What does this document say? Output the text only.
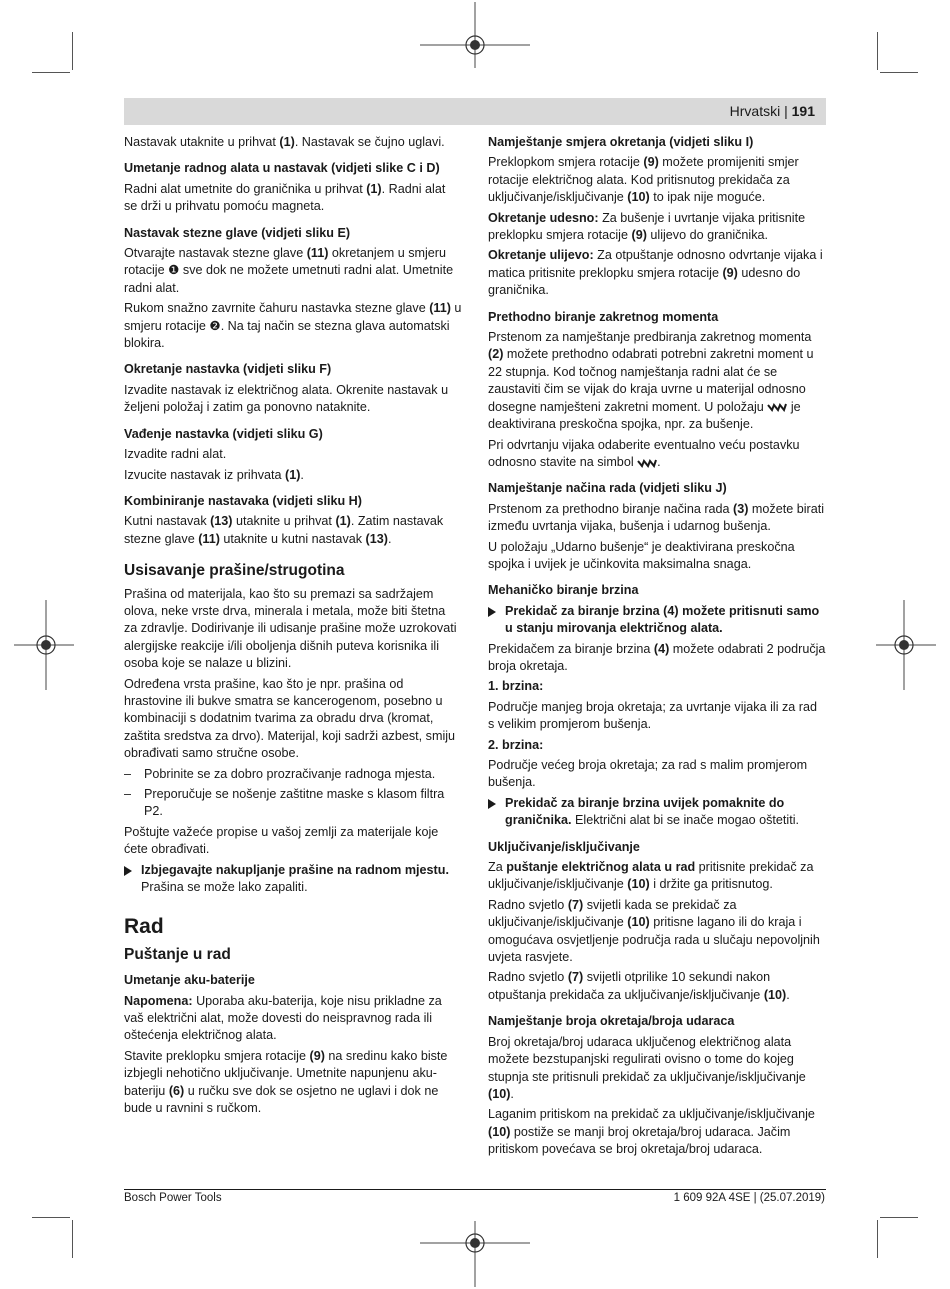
Hrvatski | 191

Nastavak utaknite u prihvat (1). Nastavak se čujno uglavi.

Umetanje radnog alata u nastavak (vidjeti slike C i D)

Radni alat umetnite do graničnika u prihvat (1). Radni alat se drži u prihvatu pomoću magneta.

Nastavak stezne glave (vidjeti sliku E)

Otvarajte nastavak stezne glave (11) okretanjem u smjeru rotacije ❶ sve dok ne možete umetnuti radni alat. Umetnite radni alat.

Rukom snažno zavrnite čahuru nastavka stezne glave (11) u smjeru rotacije ❷. Na taj način se stezna glava automatski blokira.

Okretanje nastavka (vidjeti sliku F)

Izvadite nastavak iz električnog alata. Okrenite nastavak u željeni položaj i zatim ga ponovno nataknite.

Vađenje nastavka (vidjeti sliku G)

Izvadite radni alat.

Izvucite nastavak iz prihvata (1).

Kombiniranje nastavaka (vidjeti sliku H)

Kutni nastavak (13) utaknite u prihvat (1). Zatim nastavak stezne glave (11) utaknite u kutni nastavak (13).

Usisavanje prašine/strugotina

Prašina od materijala, kao što su premazi sa sadržajem olova, neke vrste drva, minerala i metala, može biti štetna za zdravlje. Dodirivanje ili udisanje prašine može uzrokovati alergijske reakcije i/ili oboljenja dišnih puteva korisnika ili osoba koje se nalaze u blizini.

Određena vrsta prašine, kao što je npr. prašina od hrastovine ili bukve smatra se kancerogenom, posebno u kombinaciji s dodatnim tvarima za obradu drva (kromat, zaštita sredstva za drvo). Materijal, koji sadrži azbest, smiju obrađivati samo stručne osobe.

– Pobrinite se za dobro prozračivanje radnoga mjesta.
– Preporučuje se nošenje zaštitne maske s klasom filtra P2.

Poštujte važeće propise u vašoj zemlji za materijale koje ćete obrađivati.

Izbjegavajte nakupljanje prašine na radnom mjestu.
Prašina se može lako zapaliti.
Rad
Puštanje u rad
Umetanje aku-baterije

Napomena: Uporaba aku-baterija, koje nisu prikladne za vaš električni alat, može dovesti do neispravnog rada ili oštećenja električnog alata.

Stavite preklopku smjera rotacije (9) na sredinu kako biste izbjegli nehotično uključivanje. Umetnite napunjenu aku-bateriju (6) u ručku sve dok se osjetno ne uglavi i dok ne bude u ravnini s ručkom.

Namještanje smjera okretanja (vidjeti sliku I)

Preklopkom smjera rotacije (9) možete promijeniti smjer rotacije električnog alata. Kod pritisnutog prekidača za uključivanje/isključivanje (10) to ipak nije moguće.

Okretanje udesno: Za bušenje i uvrtanje vijaka pritisnite preklopku smjera rotacije (9) ulijevo do graničnika.

Okretanje ulijevo: Za otpuštanje odnosno odvrtanje vijaka i matica pritisnite preklopku smjera rotacije (9) udesno do graničnika.

Prethodno biranje zakretnog momenta

Prstenom za namještanje predbiranja zakretnog momenta (2) možete prethodno odabrati potrebni zakretni moment u 22 stupnja. Kod točnog namještanja radni alat će se zaustaviti čim se vijak do kraja uvrne u materijal odnosno dosegne namješteni zakretni moment. U položaju  je deaktivirana preskočna spojka, npr. za bušenje.

Pri odvrtanju vijaka odaberite eventualno veću postavku odnosno stavite na simbol .

Namještanje načina rada (vidjeti sliku J)

Prstenom za prethodno biranje načina rada (3) možete birati između uvrtanja vijaka, bušenja i udarnog bušenja.

U položaju „Udarno bušenje“ je deaktivirana preskočna spojka i uvijek je učinkovita maksimalna snaga.

Mehaničko biranje brzina
Prekidač za biranje brzina (4) možete pritisnuti samo u stanju mirovanja električnog alata.

Prekidačem za biranje brzina (4) možete odabrati 2 područja broja okretaja.

1. brzina:

Područje manjeg broja okretaja; za uvrtanje vijaka ili za rad s velikim promjerom bušenja.

2. brzina:

Područje većeg broja okretaja; za rad s malim promjerom bušenja.

Prekidač za biranje brzina uvijek pomaknite do graničnika. Električni alat bi se inače mogao oštetiti.
Uključivanje/isključivanje

Za puštanje električnog alata u rad pritisnite prekidač za uključivanje/isključivanje (10) i držite ga pritisnutog.

Radno svjetlo (7) svijetli kada se prekidač za uključivanje/isključivanje (10) pritisne lagano ili do kraja i omogućava osvjetljenje područja rada u slučaju nepovoljnih uvjeta rasvjete.

Radno svjetlo (7) svijetli otprilike 10 sekundi nakon otpuštanja prekidača za uključivanje/isključivanje (10).

Namještanje broja okretaja/broja udaraca

Broj okretaja/broj udaraca uključenog električnog alata možete bezstupanjski regulirati ovisno o tome do kojeg stupnja ste pritisnuli prekidač za uključivanje/isključivanje (10).

Laganim pritiskom na prekidač za uključivanje/isključivanje (10) postiže se manji broj okretaja/broj udaraca. Jačim pritiskom povećava se broj okretaja/broj udaraca.

Bosch Power Tools	1 609 92A 4SE | (25.07.2019)
